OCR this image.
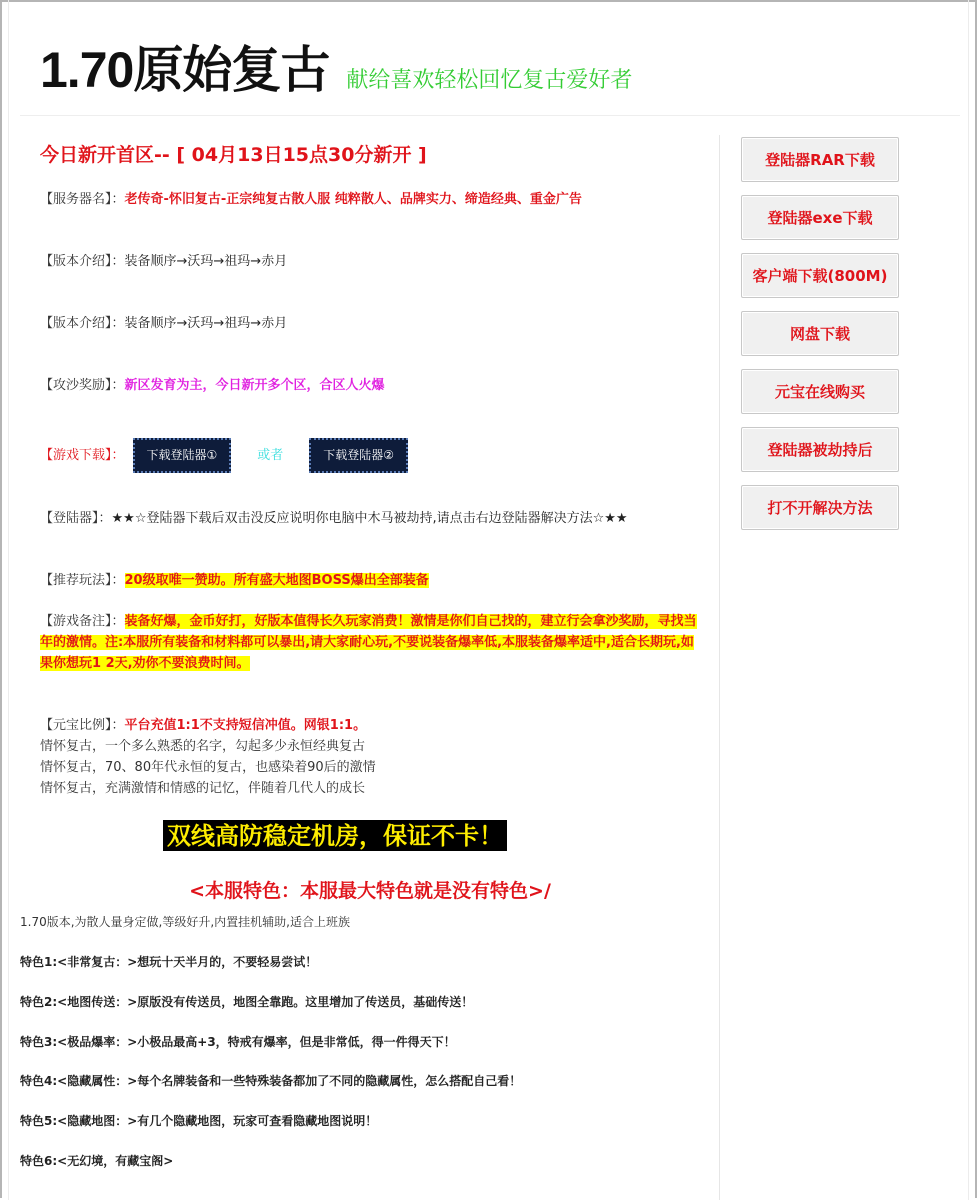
1.70原始复古 献给喜欢轻松回忆复古爱好者
今日新开首区-- [ 04月13日15点30分新开 ]
【服务器名】：老传奇-怀旧复古-正宗纯复古散人服 纯粹散人、品牌实力、缔造经典、重金广告
【版本介绍】：装备顺序→沃玛→祖玛→赤月
【版本介绍】：装备顺序→沃玛→祖玛→赤月
【攻沙奖励】：新区发育为主，今日新开多个区，合区人火爆
【游戏下载】： 下载登陆器①	或者	下载登陆器②
【登陆器】：★★☆登陆器下载后双击没反应说明你电脑中木马被劫持,请点击右边登陆器解决方法☆★★
【推荐玩法】：20级取唯一赞助。所有盛大地图BOSS爆出全部装备
【游戏备注】：装备好爆，金币好打，好版本值得长久玩家消费！激情是你们自己找的，建立行会拿沙奖励，寻找当年的激情。注:本服所有装备和材料都可以暴出,请大家耐心玩,不要说装备爆率低,本服装备爆率适中,适合长期玩,如果你想玩1 2天,劝你不要浪费时间。
【元宝比例】：平台充值1:1不支持短信冲值。网银1:1。
情怀复古，一个多么熟悉的名字，勾起多少永恒经典复古
情怀复古，70、80年代永恒的复古，也感染着90后的激情
情怀复古，充满激情和情感的记忆，伴随着几代人的成长
双线高防稳定机房，保证不卡！
<本服特色：本服最大特色就是没有特色>/
1.70版本,为散人量身定做,等级好升,内置挂机辅助,适合上班族
特色1:<非常复古：>想玩十天半月的，不要轻易尝试！
特色2:<地图传送：>原版没有传送员，地图全靠跑。这里增加了传送员，基础传送！
特色3:<极品爆率：>小极品最高+3，特戒有爆率，但是非常低，得一件得天下！
特色4:<隐藏属性：>每个名牌装备和一些特殊装备都加了不同的隐藏属性，怎么搭配自己看！
特色5:<隐藏地图：>有几个隐藏地图，玩家可查看隐藏地图说明！
特色6:<无幻境，有藏宝阁>
登陆器RAR下载
登陆器exe下载
客户端下载(800M)
网盘下载
元宝在线购买
登陆器被劫持后
打不开解决方法
